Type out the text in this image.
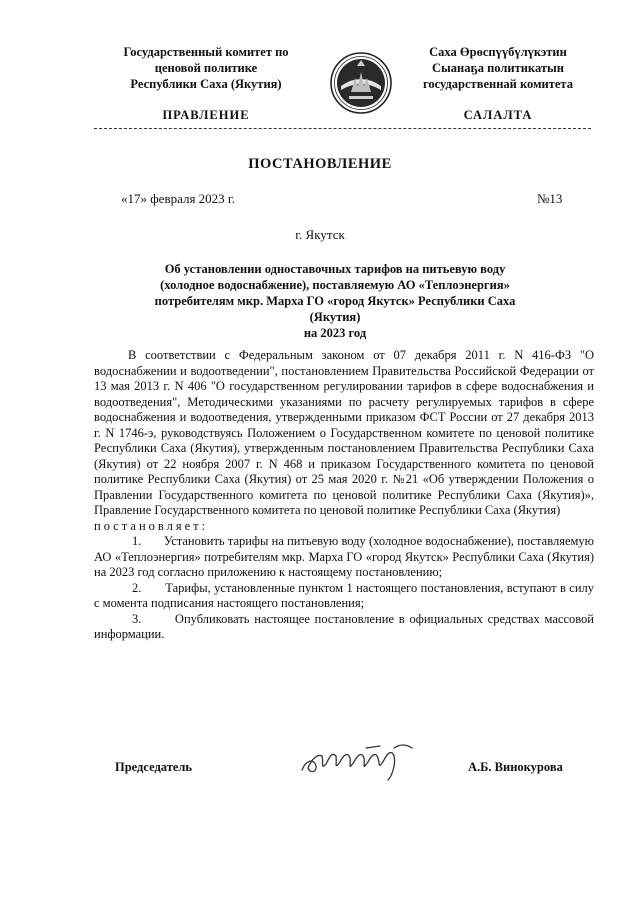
Государственный комитет по
ценовой политике
Республики Саха (Якутия)
ПРАВЛЕНИЕ
Саха Өрөспүүбүлүкэтин
Сыанаҕа политикатын
государственнай комитета
САЛАЛТА
ПОСТАНОВЛЕНИЕ
«17» февраля 2023 г.	№13
г. Якутск
Об установлении одноставочных тарифов на питьевую воду
(холодное водоснабжение), поставляемую АО «Теплоэнергия»
потребителям мкр. Марха ГО «город Якутск» Республики Саха (Якутия)
на 2023 год

В соответствии с Федеральным законом от 07 декабря 2011 г. N 416-ФЗ "О водоснабжении и водоотведении", постановлением Правительства Российской Федерации от 13 мая 2013 г. N 406 "О государственном регулировании тарифов в сфере водоснабжения и водоотведения", Методическими указаниями по расчету регулируемых тарифов в сфере водоснабжения и водоотведения, утвержденными приказом ФСТ России от 27 декабря 2013 г. N 1746-э, руководствуясь Положением о Государственном комитете по ценовой политике Республики Саха (Якутия), утвержденным постановлением Правительства Республики Саха (Якутия) от 22 ноября 2007 г. N 468 и приказом Государственного комитета по ценовой политике Республики Саха (Якутия) от 25 мая 2020 г. №21 «Об утверждении Положения о Правлении Государственного комитета по ценовой политике Республики Саха (Якутия)», Правление Государственного комитета по ценовой политике Республики Саха (Якутия)

постановляет:

1. Установить тарифы на питьевую воду (холодное водоснабжение), поставляемую АО «Теплоэнергия» потребителям мкр. Марха ГО «город Якутск» Республики Саха (Якутия) на 2023 год согласно приложению к настоящему постановлению;

2. Тарифы, установленные пунктом 1 настоящего постановления, вступают в силу с момента подписания настоящего постановления;

3.	Опубликовать настоящее постановление в официальных средствах массовой информации.

Председатель	А.Б. Винокурова
